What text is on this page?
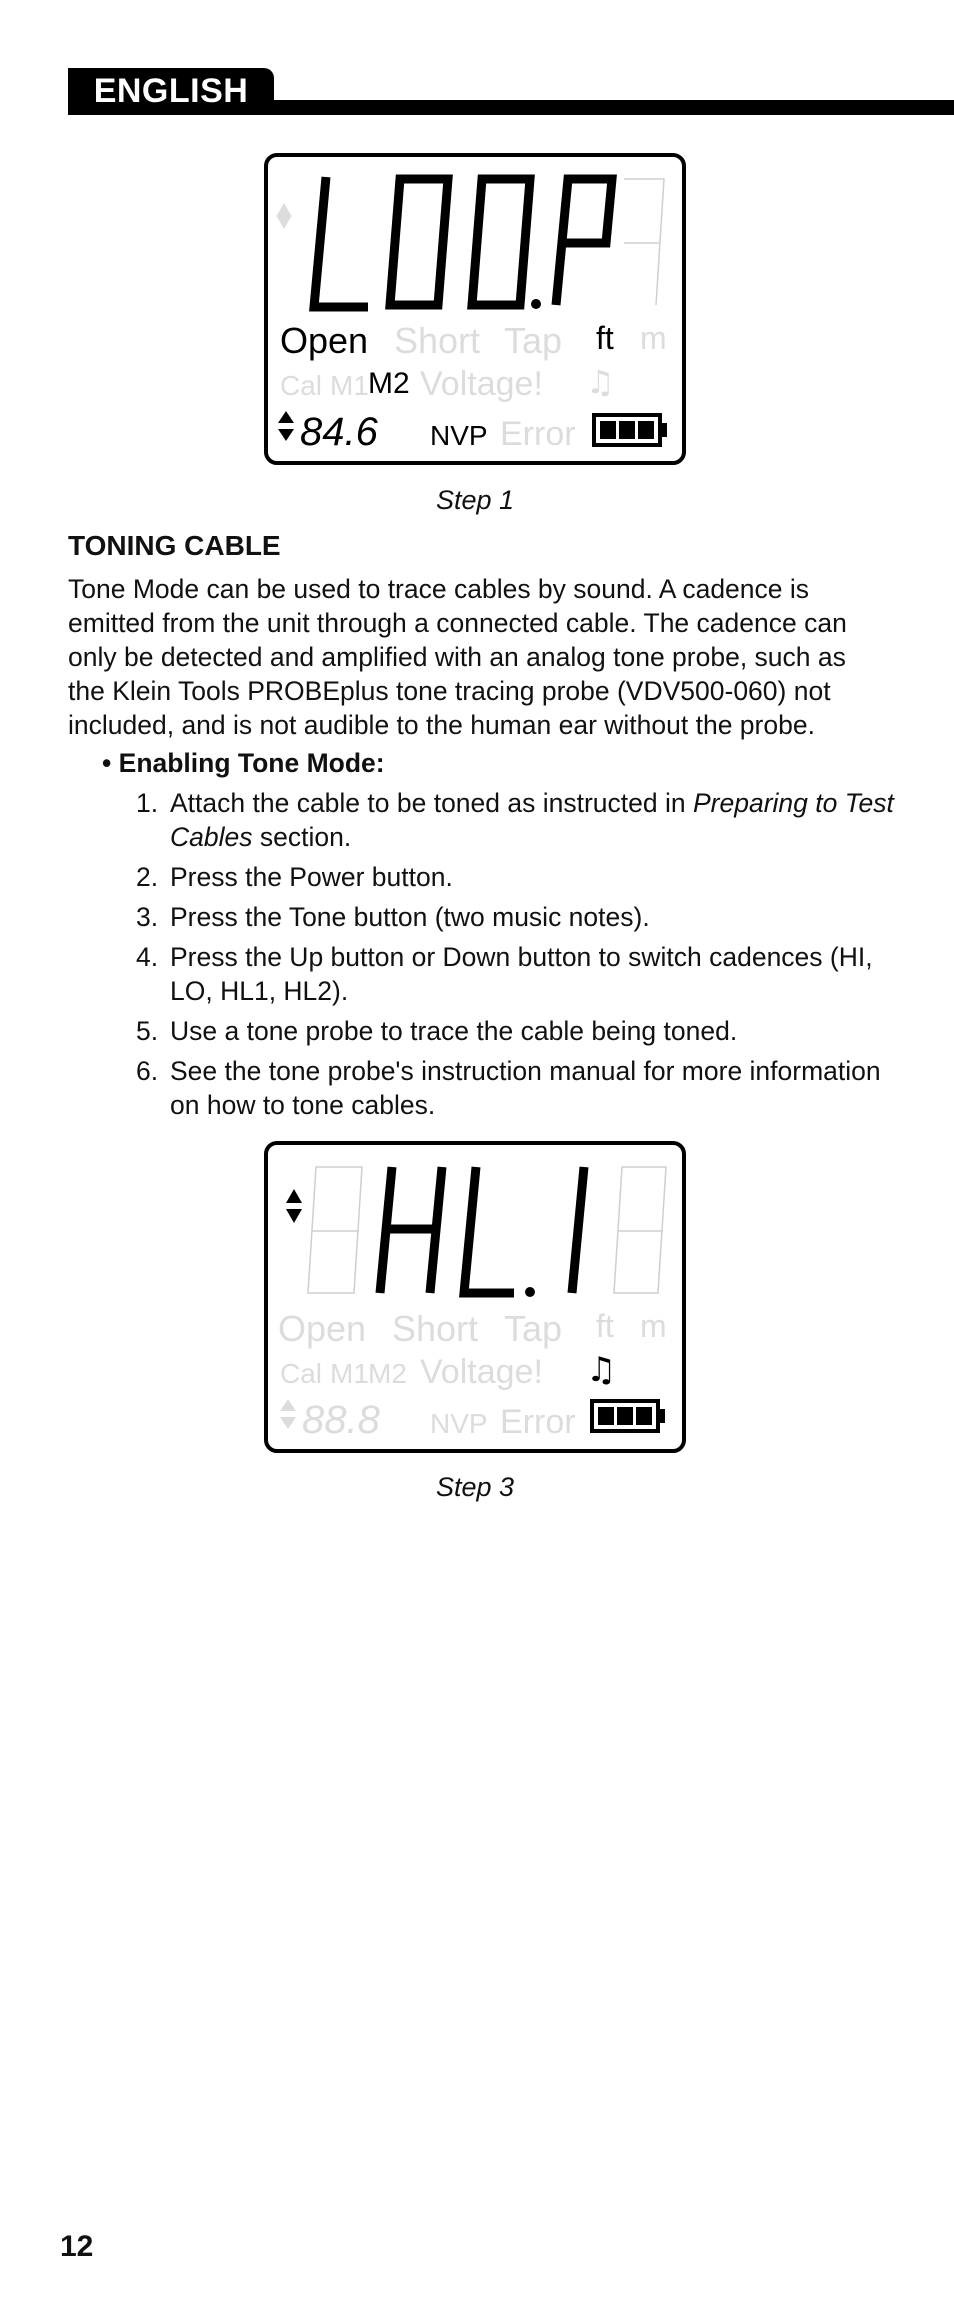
ENGLISH
Open Short Tap ft m
Cal M1 M2 Voltage! ♫
84.6 NVP Error
Step 1
TONING CABLE
Tone Mode can be used to trace cables by sound. A cadence is emitted from the unit through a connected cable. The cadence can only be detected and amplified with an analog tone probe, such as the Klein Tools PROBEplus tone tracing probe (VDV500-060) not included, and is not audible to the human ear without the probe.
• Enabling Tone Mode:
1. Attach the cable to be toned as instructed in Preparing to Test Cables section.
2. Press the Power button.
3. Press the Tone button (two music notes).
4. Press the Up button or Down button to switch cadences (HI, LO, HL1, HL2).
5. Use a tone probe to trace the cable being toned.
6. See the tone probe's instruction manual for more information on how to tone cables.
Open Short Tap ft m
Cal M1 M2 Voltage! ♫
88.8 NVP Error
Step 3
12
